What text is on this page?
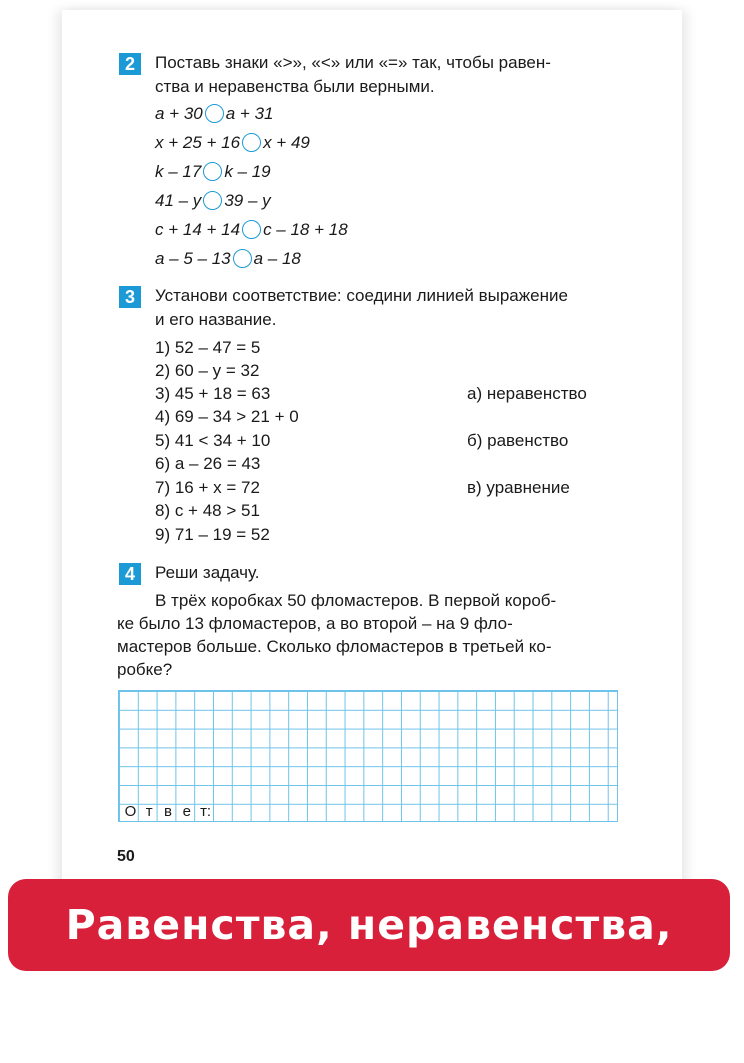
2	Поставь знаки «>», «<» или «=» так, чтобы равен-
ства и неравенства были верными.
a + 30 a + 31
x + 25 + 16 x + 49
k – 17 k – 19
41 – y 39 – y
c + 14 + 14 c – 18 + 18
a – 5 – 13 a – 18
3	Установи соответствие: соедини линией выражение
и его название.
1) 52 – 47 = 5
2) 60 – y = 32
3) 45 + 18 = 63
4) 69 – 34 > 21 + 0
5) 41 < 34 + 10
6) a – 26 = 43
7) 16 + x = 72
8) c + 48 > 51
9) 71 – 19 = 52
а) неравенство
б) равенство
в) уравнение
4	Реши задачу.
В трёх коробках 50 фломастеров. В первой короб-
ке было 13 фломастеров, а во второй – на 9 фло-
мастеров больше. Сколько фломастеров в третьей ко-
робке?
О т в е т:
50
Равенства, неравенства, уравнения
